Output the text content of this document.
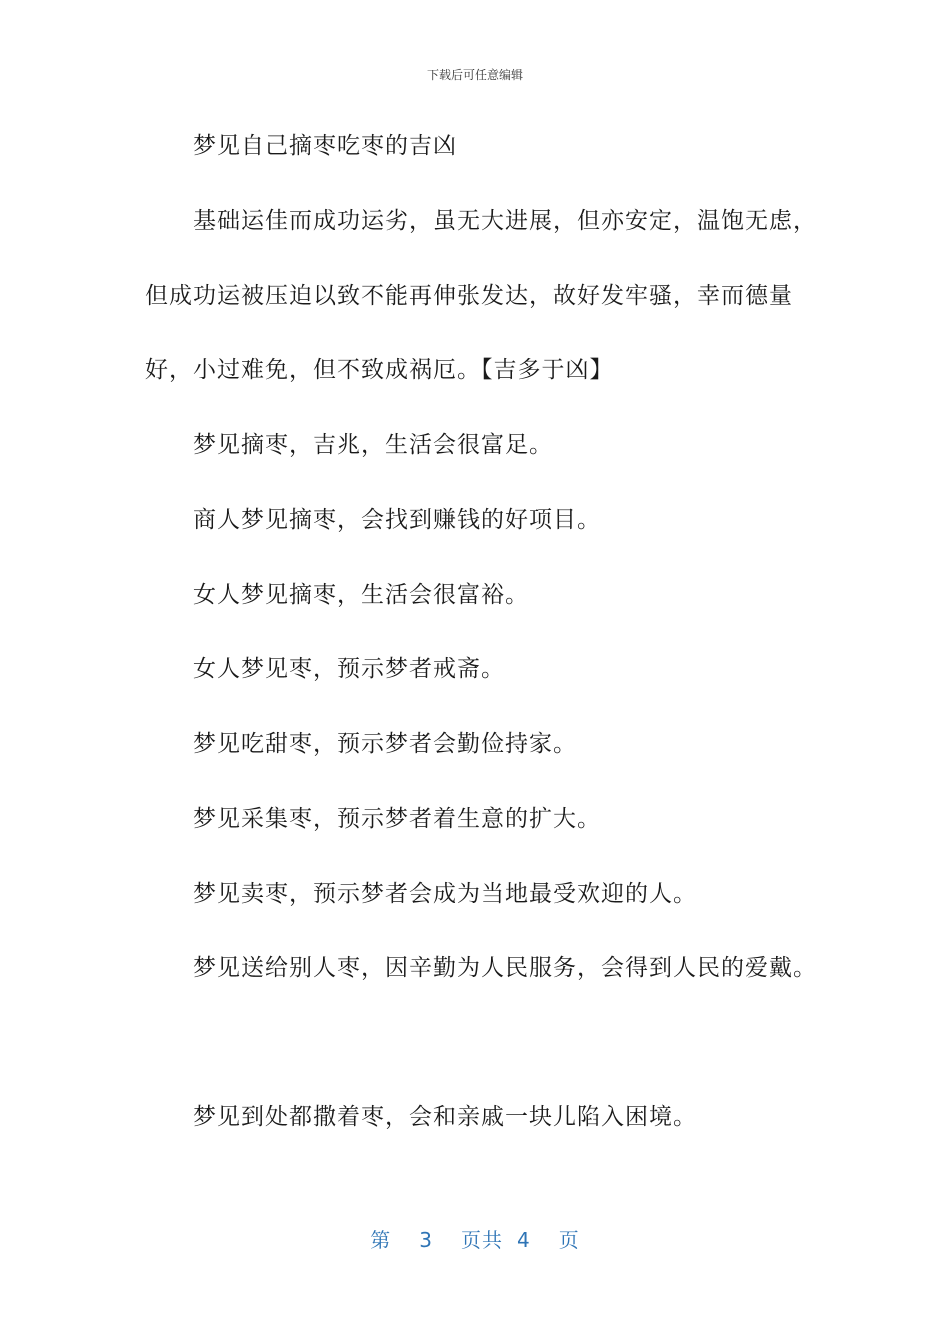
下载后可任意编辑
梦见自己摘枣吃枣的吉凶
基础运佳而成功运劣，虽无大进展，但亦安定，温饱无虑，
但成功运被压迫以致不能再伸张发达，故好发牢骚，幸而德量
好，小过难免，但不致成祸厄。【吉多于凶】
梦见摘枣，吉兆，生活会很富足。
商人梦见摘枣，会找到赚钱的好项目。
女人梦见摘枣，生活会很富裕。
女人梦见枣，预示梦者戒斋。
梦见吃甜枣，预示梦者会勤俭持家。
梦见采集枣，预示梦者着生意的扩大。
梦见卖枣，预示梦者会成为当地最受欢迎的人。
梦见送给别人枣，因辛勤为人民服务，会得到人民的爱戴。
梦见到处都撒着枣，会和亲戚一块儿陷入困境。
第 3 页共 4 页
